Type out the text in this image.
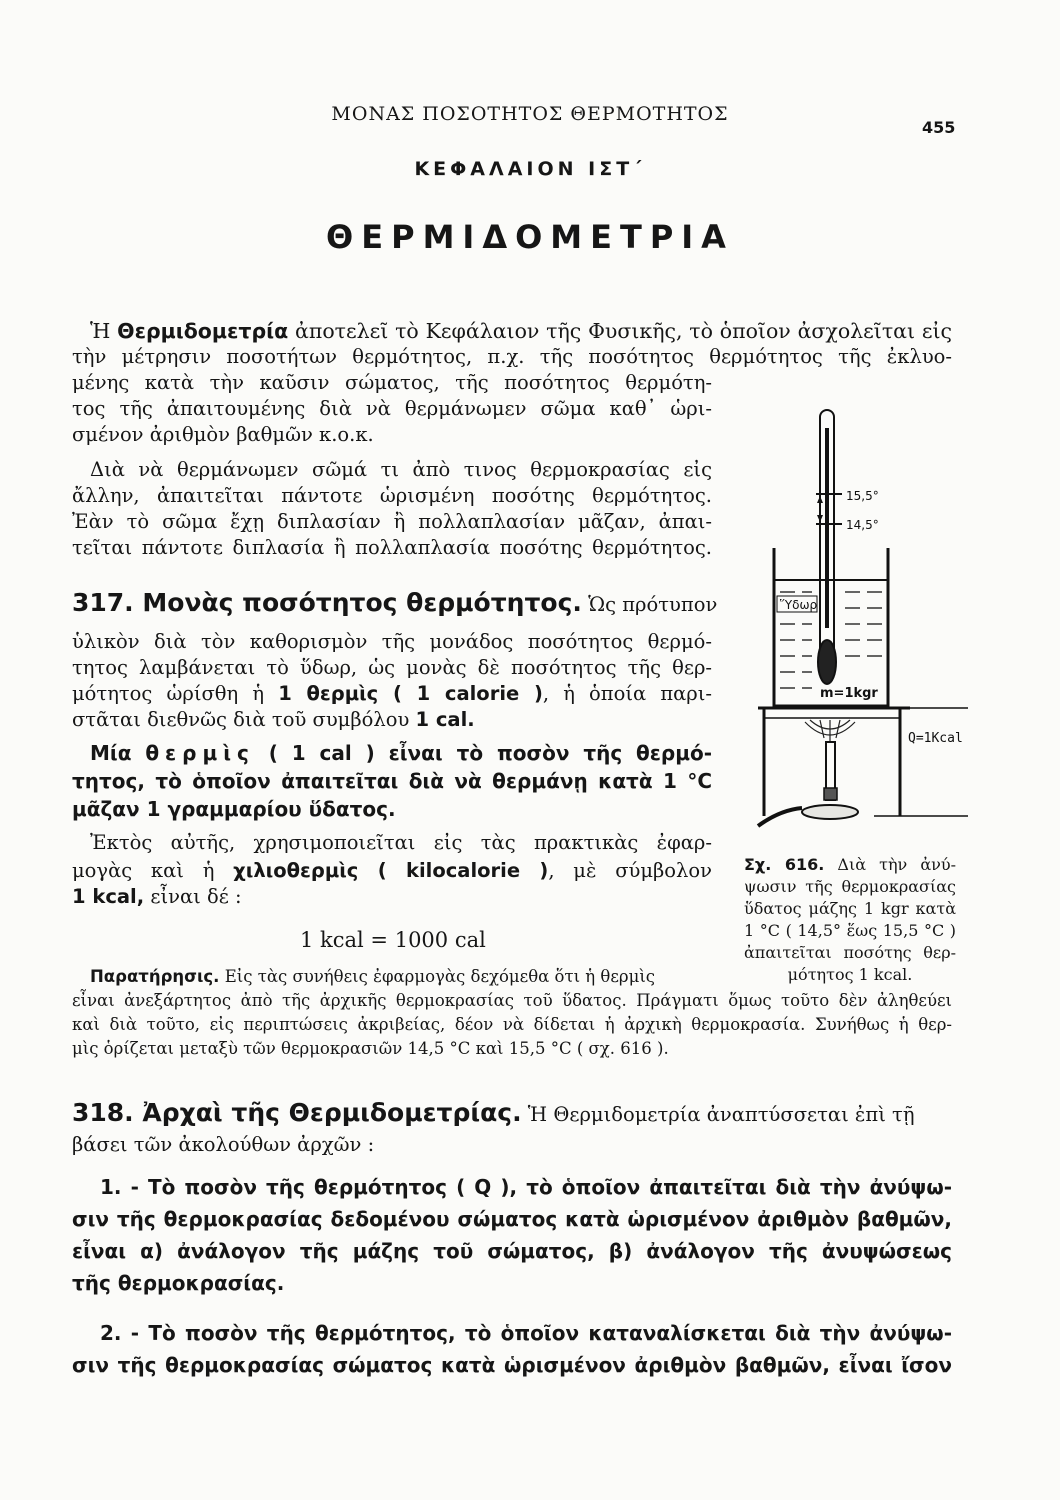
ΜΟΝΑΣ ΠΟΣΟΤΗΤΟΣ ΘΕΡΜΟΤΗΤΟΣ
455
ΚΕΦΑΛΑΙΟΝ ΙΣΤ΄
ΘΕΡΜΙΔΟΜΕΤΡΙΑ
Ἡ Θερμιδομετρία ἀποτελεῖ τὸ Κεφάλαιον τῆς Φυσικῆς, τὸ ὁποῖον ἀσχολεῖται εἰς
τὴν μέτρησιν ποσοτήτων θερμότητος, π.χ. τῆς ποσότητος θερμότητος τῆς ἐκλυο-
μένης κατὰ τὴν καῦσιν σώματος, τῆς ποσότητος θερμότη-
τος τῆς ἀπαιτουμένης διὰ νὰ θερμάνωμεν σῶμα καθ᾽ ὡρι-
σμένον ἀριθμὸν βαθμῶν κ.ο.κ.
Διὰ νὰ θερμάνωμεν σῶμά τι ἀπὸ τινος θερμοκρασίας εἰς
ἄλλην, ἀπαιτεῖται πάντοτε ὡρισμένη ποσότης θερμότητος.
Ἐὰν τὸ σῶμα ἔχῃ διπλασίαν ἢ πολλαπλασίαν μᾶζαν, ἀπαι-
τεῖται πάντοτε διπλασία ἢ πολλαπλασία ποσότης θερμότητος.
317. Μονὰς ποσότητος θερμότητος. Ὡς πρότυπον
ὑλικὸν διὰ τὸν καθορισμὸν τῆς μονάδος ποσότητος θερμό-
τητος λαμβάνεται τὸ ὕδωρ, ὡς μονὰς δὲ ποσότητος τῆς θερ-
μότητος ὡρίσθη ἡ 1 θερμὶς ( 1 calorie ), ἡ ὁποία παρι-
στᾶται διεθνῶς διὰ τοῦ συμβόλου 1 cal.
Μία θερμὶς ( 1 cal ) εἶναι τὸ ποσὸν τῆς θερμό-
τητος, τὸ ὁποῖον ἀπαιτεῖται διὰ νὰ θερμάνῃ κατὰ 1 °C
μᾶζαν 1 γραμμαρίου ὕδατος.
Ἐκτὸς αὐτῆς, χρησιμοποιεῖται εἰς τὰς πρακτικὰς ἐφαρ-
μογὰς καὶ ἡ χιλιοθερμὶς ( kilocalorie ), μὲ σύμβολον
1 kcal, εἶναι δέ :
1 kcal = 1000 cal
Παρατήρησις. Εἰς τὰς συνήθεις ἐφαρμογὰς δεχόμεθα ὅτι ἡ θερμὶς
εἶναι ἀνεξάρτητος ἀπὸ τῆς ἀρχικῆς θερμοκρασίας τοῦ ὕδατος. Πράγματι ὅμως τοῦτο δὲν ἀληθεύει
καὶ διὰ τοῦτο, εἰς περιπτώσεις ἀκριβείας, δέον νὰ δίδεται ἡ ἀρχικὴ θερμοκρασία. Συνήθως ἡ θερ-
μὶς ὁρίζεται μεταξὺ τῶν θερμοκρασιῶν 14,5 °C καὶ 15,5 °C ( σχ. 616 ).
15,5°
14,5°
Ὕδωρ
m=1kgr
Q=1Kcal
Σχ. 616. Διὰ τὴν ἀνύ-
ψωσιν τῆς θερμοκρασίας
ὕδατος μάζης 1 kgr κατὰ
1 °C ( 14,5° ἕως 15,5 °C )
ἀπαιτεῖται ποσότης θερ-
μότητος 1 kcal.
318. Ἀρχαὶ τῆς Θερμιδομετρίας. Ἡ Θερμιδομετρία ἀναπτύσσεται ἐπὶ τῇ
βάσει τῶν ἀκολούθων ἀρχῶν :
1. - Τὸ ποσὸν τῆς θερμότητος ( Q ), τὸ ὁποῖον ἀπαιτεῖται διὰ τὴν ἀνύψω-
σιν τῆς θερμοκρασίας δεδομένου σώματος κατὰ ὡρισμένον ἀριθμὸν βαθμῶν,
εἶναι α) ἀνάλογον τῆς μάζης τοῦ σώματος, β) ἀνάλογον τῆς ἀνυψώσεως
τῆς θερμοκρασίας.
2. - Τὸ ποσὸν τῆς θερμότητος, τὸ ὁποῖον καταναλίσκεται διὰ τὴν ἀνύψω-
σιν τῆς θερμοκρασίας σώματος κατὰ ὡρισμένον ἀριθμὸν βαθμῶν, εἶναι ἴσον
